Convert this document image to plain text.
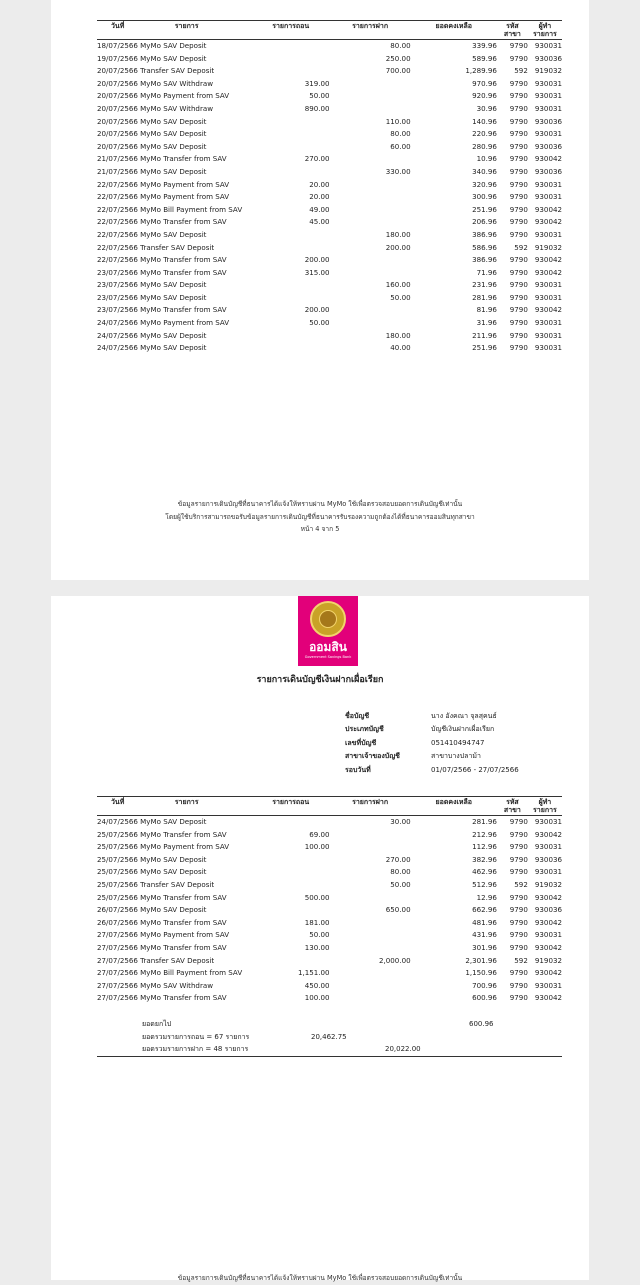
วันที่ รายการ	รายการถอน	รายการฝาก	ยอดคงเหลือ	รหัส สาขา	ผู้ทำ รายการ
18/07/2566 MyMo SAV Deposit		80.00	339.96	9790	930031
19/07/2566 MyMo SAV Deposit		250.00	589.96	9790	930036
20/07/2566 Transfer SAV Deposit		700.00	1,289.96	592	919032
20/07/2566 MyMo SAV Withdraw	319.00		970.96	9790	930031
20/07/2566 MyMo Payment from SAV	50.00		920.96	9790	930031
20/07/2566 MyMo SAV Withdraw	890.00		30.96	9790	930031
20/07/2566 MyMo SAV Deposit		110.00	140.96	9790	930036
20/07/2566 MyMo SAV Deposit		80.00	220.96	9790	930031
20/07/2566 MyMo SAV Deposit		60.00	280.96	9790	930036
21/07/2566 MyMo Transfer from SAV	270.00		10.96	9790	930042
21/07/2566 MyMo SAV Deposit		330.00	340.96	9790	930036
22/07/2566 MyMo Payment from SAV	20.00		320.96	9790	930031
22/07/2566 MyMo Payment from SAV	20.00		300.96	9790	930031
22/07/2566 MyMo Bill Payment from SAV	49.00		251.96	9790	930042
22/07/2566 MyMo Transfer from SAV	45.00		206.96	9790	930042
22/07/2566 MyMo SAV Deposit		180.00	386.96	9790	930031
22/07/2566 Transfer SAV Deposit		200.00	586.96	592	919032
22/07/2566 MyMo Transfer from SAV	200.00		386.96	9790	930042
23/07/2566 MyMo Transfer from SAV	315.00		71.96	9790	930042
23/07/2566 MyMo SAV Deposit		160.00	231.96	9790	930031
23/07/2566 MyMo SAV Deposit		50.00	281.96	9790	930031
23/07/2566 MyMo Transfer from SAV	200.00		81.96	9790	930042
24/07/2566 MyMo Payment from SAV	50.00		31.96	9790	930031
24/07/2566 MyMo SAV Deposit		180.00	211.96	9790	930031
24/07/2566 MyMo SAV Deposit		40.00	251.96	9790	930031
ข้อมูลรายการเดินบัญชีที่ธนาคารได้แจ้งให้ทราบผ่าน MyMo ใช้เพื่อตรวจสอบยอดการเดินบัญชีเท่านั้น
โดยผู้ใช้บริการสามารถขอรับข้อมูลรายการเดินบัญชีที่ธนาคารรับรองความถูกต้องได้ที่ธนาคารออมสินทุกสาขา
หน้า 4 จาก 5
ออมสิน
Government Savings Bank
รายการเดินบัญชีเงินฝากเผื่อเรียก
ชื่อบัญชี	นาง อังคณา จุลสุคนธ์
ประเภทบัญชี	บัญชีเงินฝากเผื่อเรียก
เลขที่บัญชี	051410494747
สาขาเจ้าของบัญชี	สาขาบางปลาม้า
รอบวันที่	01/07/2566 - 27/07/2566
วันที่ รายการ	รายการถอน	รายการฝาก	ยอดคงเหลือ	รหัส สาขา	ผู้ทำ รายการ
24/07/2566 MyMo SAV Deposit		30.00	281.96	9790	930031
25/07/2566 MyMo Transfer from SAV	69.00		212.96	9790	930042
25/07/2566 MyMo Payment from SAV	100.00		112.96	9790	930031
25/07/2566 MyMo SAV Deposit		270.00	382.96	9790	930036
25/07/2566 MyMo SAV Deposit		80.00	462.96	9790	930031
25/07/2566 Transfer SAV Deposit		50.00	512.96	592	919032
25/07/2566 MyMo Transfer from SAV	500.00		12.96	9790	930042
26/07/2566 MyMo SAV Deposit		650.00	662.96	9790	930036
26/07/2566 MyMo Transfer from SAV	181.00		481.96	9790	930042
27/07/2566 MyMo Payment from SAV	50.00		431.96	9790	930031
27/07/2566 MyMo Transfer from SAV	130.00		301.96	9790	930042
27/07/2566 Transfer SAV Deposit		2,000.00	2,301.96	592	919032
27/07/2566 MyMo Bill Payment from SAV	1,151.00		1,150.96	9790	930042
27/07/2566 MyMo SAV Withdraw	450.00		700.96	9790	930031
27/07/2566 MyMo Transfer from SAV	100.00		600.96	9790	930042
ยอดยกไป	600.96
ยอดรวมรายการถอน = 67 รายการ	20,462.75
ยอดรวมรายการฝาก = 48 รายการ	20,022.00
ข้อมูลรายการเดินบัญชีที่ธนาคารได้แจ้งให้ทราบผ่าน MyMo ใช้เพื่อตรวจสอบยอดการเดินบัญชีเท่านั้น
